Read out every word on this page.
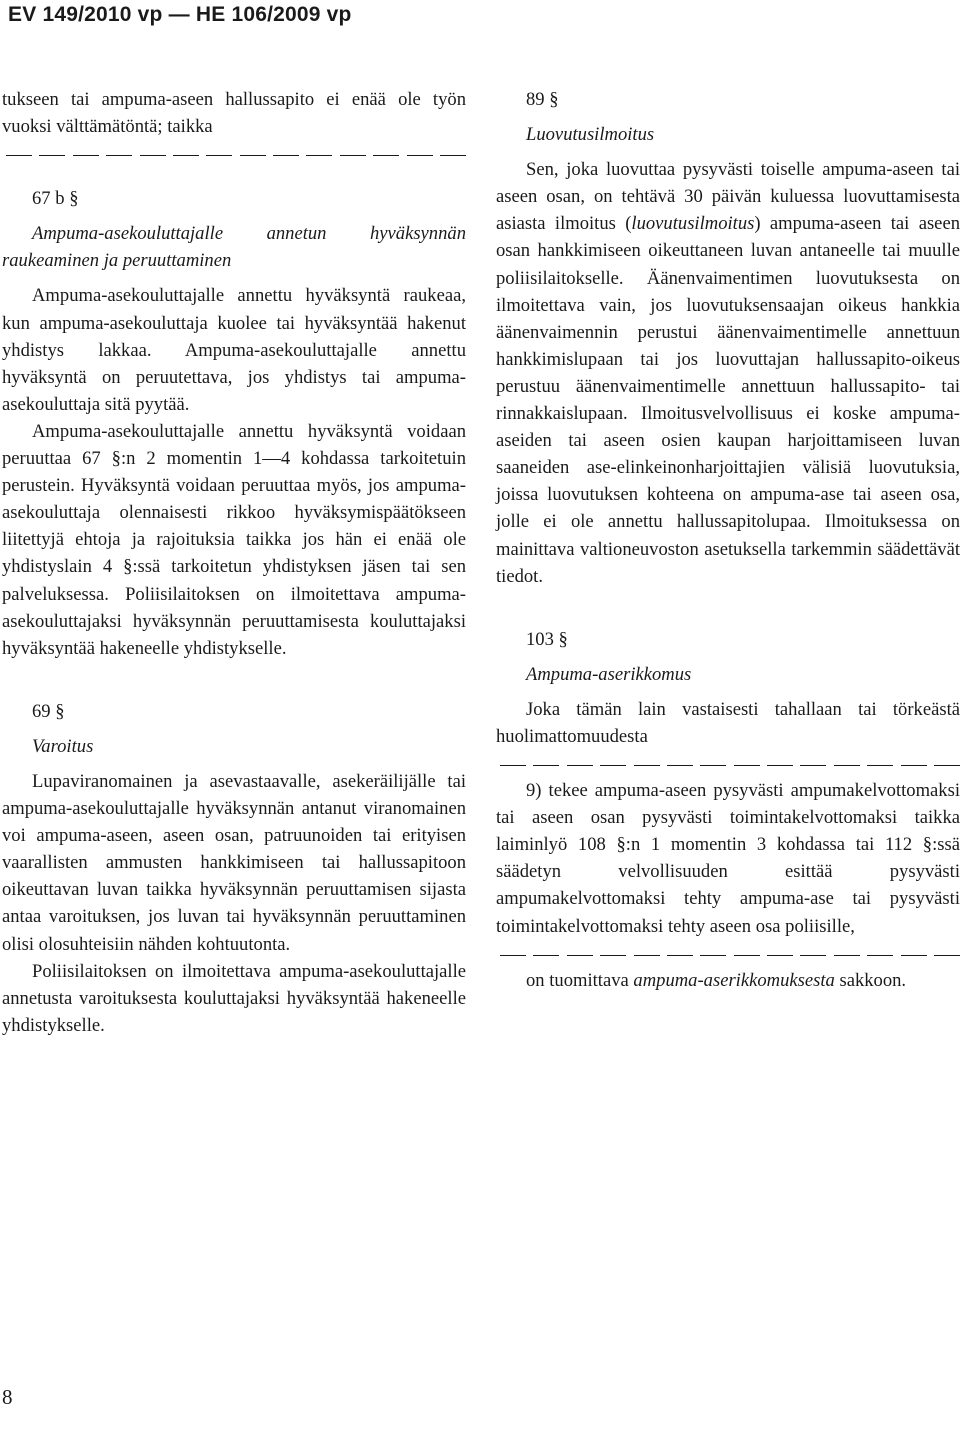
EV 149/2010 vp — HE 106/2009 vp

tukseen tai ampuma-aseen hallussapito ei enää ole työn vuoksi välttämätöntä; taikka

67 b §

Ampuma-asekouluttajalle annetun hyväksynnän raukeaminen ja peruuttaminen

Ampuma-asekouluttajalle annettu hyväksyntä raukeaa, kun ampuma-asekouluttaja kuolee tai hyväksyntää hakenut yhdistys lakkaa. Ampuma-asekouluttajalle annettu hyväksyntä on peruutettava, jos yhdistys tai ampuma-asekouluttaja sitä pyytää.

Ampuma-asekouluttajalle annettu hyväksyntä voidaan peruuttaa 67 §:n 2 momentin 1—4 kohdassa tarkoitetuin perustein. Hyväksyntä voidaan peruuttaa myös, jos ampuma-asekouluttaja olennaisesti rikkoo hyväksymispäätökseen liitettyjä ehtoja ja rajoituksia taikka jos hän ei enää ole yhdistyslain 4 §:ssä tarkoitetun yhdistyksen jäsen tai sen palveluksessa. Poliisilaitoksen on ilmoitettava ampuma-asekouluttajaksi hyväksynnän peruuttamisesta kouluttajaksi hyväksyntää hakeneelle yhdistykselle.

69 §

Varoitus

Lupaviranomainen ja asevastaavalle, asekeräilijälle tai ampuma-asekouluttajalle hyväksynnän antanut viranomainen voi ampuma-aseen, aseen osan, patruunoiden tai erityisen vaarallisten ammusten hankkimiseen tai hallussapitoon oikeuttavan luvan taikka hyväksynnän peruuttamisen sijasta antaa varoituksen, jos luvan tai hyväksynnän peruuttaminen olisi olosuhteisiin nähden kohtuutonta.

Poliisilaitoksen on ilmoitettava ampuma-asekouluttajalle annetusta varoituksesta kouluttajaksi hyväksyntää hakeneelle yhdistykselle.

89 §

Luovutusilmoitus

Sen, joka luovuttaa pysyvästi toiselle ampuma-aseen tai aseen osan, on tehtävä 30 päivän kuluessa luovuttamisesta asiasta ilmoitus (luovutusilmoitus) ampuma-aseen tai aseen osan hankkimiseen oikeuttaneen luvan antaneelle tai muulle poliisilaitokselle. Äänenvaimentimen luovutuksesta on ilmoitettava vain, jos luovutuksensaajan oikeus hankkia äänenvaimennin perustui äänenvaimentimelle annettuun hankkimislupaan tai jos luovuttajan hallussapito-oikeus perustuu äänenvaimentimelle annettuun hallussapito- tai rinnakkaislupaan. Ilmoitusvelvollisuus ei koske ampuma-aseiden tai aseen osien kaupan harjoittamiseen luvan saaneiden ase-elinkeinonharjoittajien välisiä luovutuksia, joissa luovutuksen kohteena on ampuma-ase tai aseen osa, jolle ei ole annettu hallussapitolupaa. Ilmoituksessa on mainittava valtioneuvoston asetuksella tarkemmin säädettävät tiedot.

103 §

Ampuma-aserikkomus

Joka tämän lain vastaisesti tahallaan tai törkeästä huolimattomuudesta

9) tekee ampuma-aseen pysyvästi ampumakelvottomaksi tai aseen osan pysyvästi toimintakelvottomaksi taikka laiminlyö 108 §:n 1 momentin 3 kohdassa tai 112 §:ssä säädetyn velvollisuuden esittää pysyvästi ampumakelvottomaksi tehty ampuma-ase tai pysyvästi toimintakelvottomaksi tehty aseen osa poliisille,

on tuomittava ampuma-aserikkomuksesta sakkoon.

8
